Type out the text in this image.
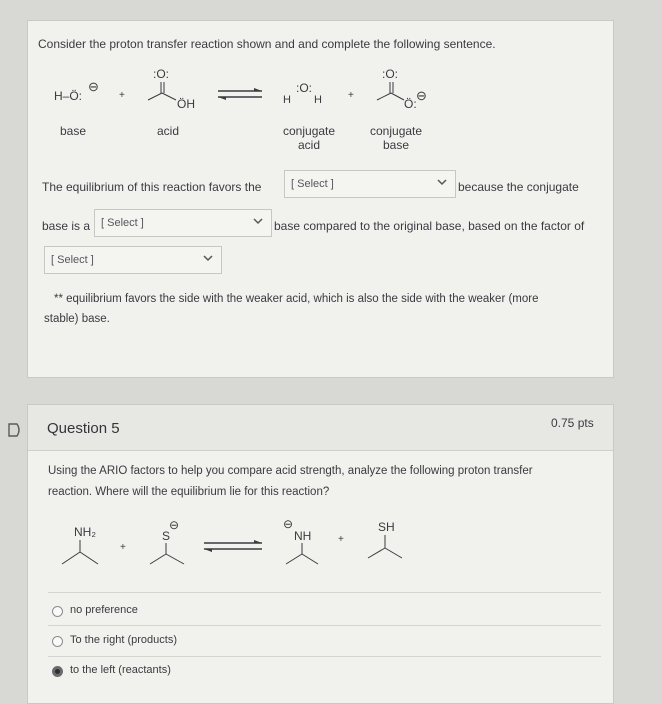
Consider the proton transfer reaction shown and and complete the following sentence.
H–Ö:
⊖
+
:O:
ÖH
:O:
H H	+
:O:
Ö:
⊖
base	acid	conjugate
acid
conjugate
base
The equilibrium of this reaction favors the	[ Select ]	because the conjugate
base is a [ Select ]	base compared to the original base, based on the factor of
[ Select ]
** equilibrium favors the side with the weaker acid, which is also the side with the weaker (more
stable) base.
Question 5	0.75 pts
Using the ARIO factors to help you compare acid strength, analyze the following proton transfer
reaction. Where will the equilibrium lie for this reaction?
NH₂
+
S
⊖	⊖
NH	+
SH
no preference
To the right (products)
to the left (reactants)
